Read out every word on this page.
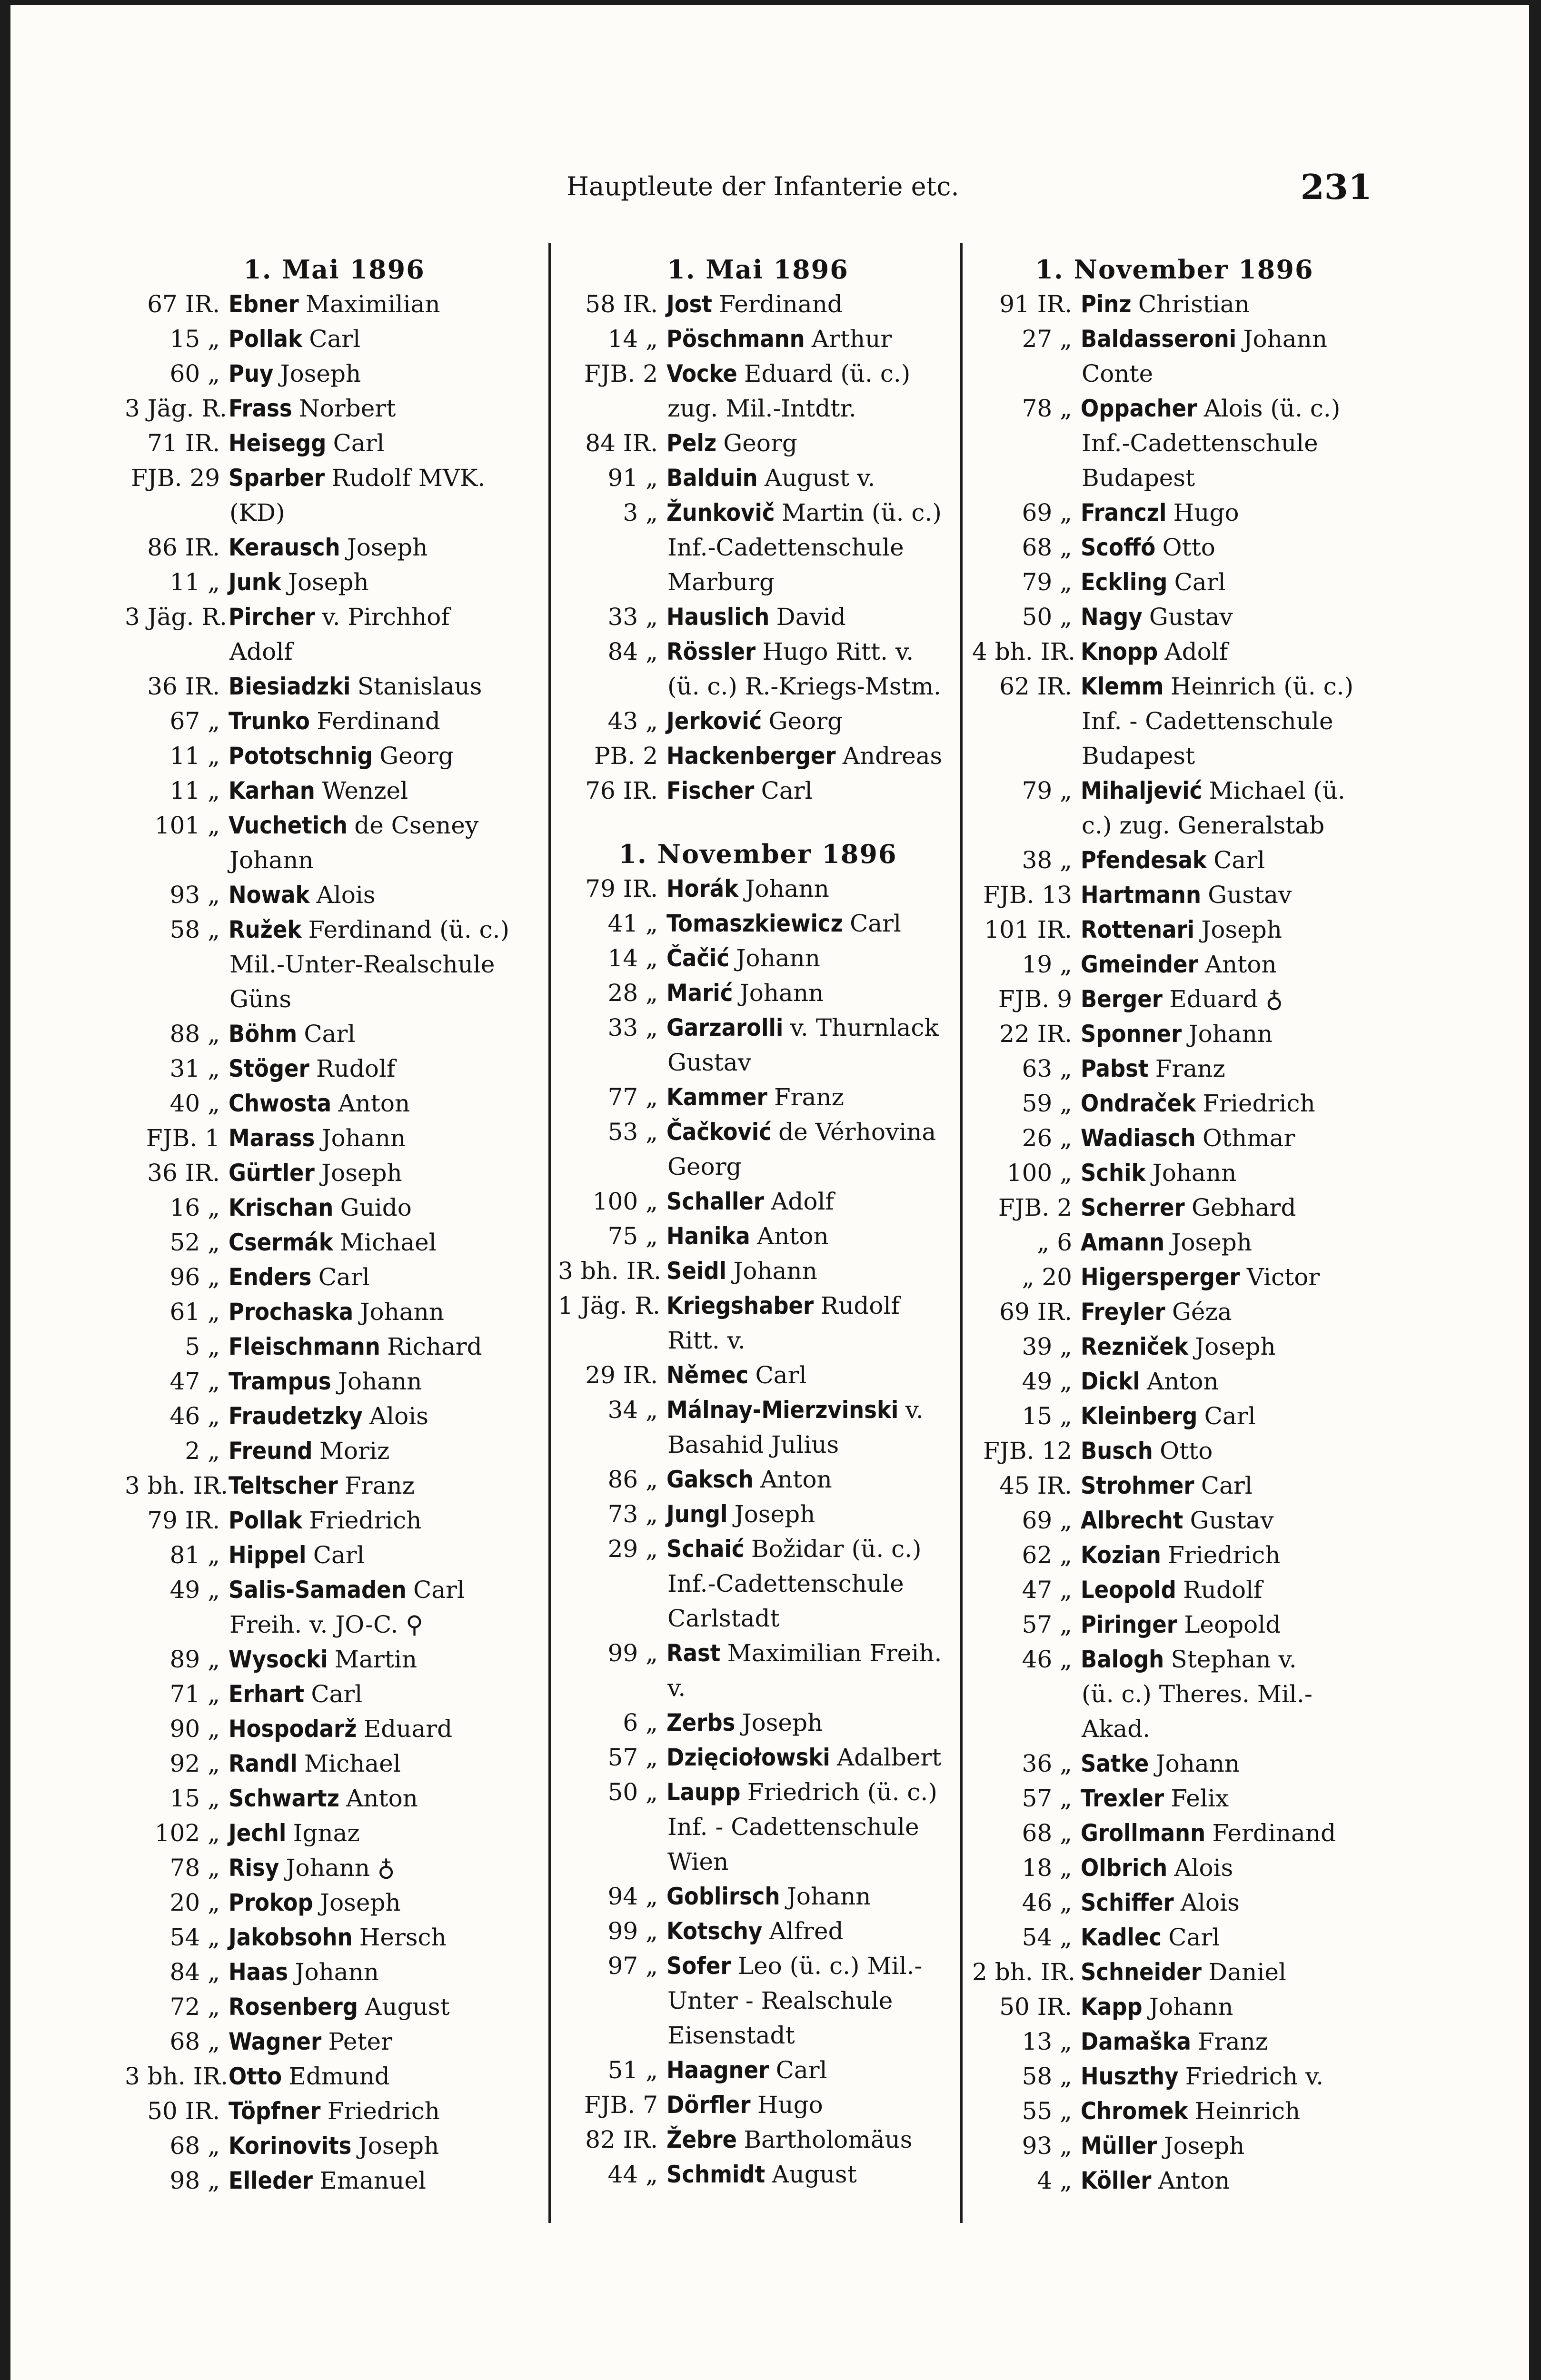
Hauptleute der Infanterie etc.	231
1. Mai 1896
67 IR. Ebner Maximilian
15 „ Pollak Carl
60 „ Puy Joseph
3 Jäg. R. Frass Norbert
71 IR. Heisegg Carl
FJB. 29 Sparber Rudolf MVK.
(KD)
86 IR. Kerausch Joseph
11 „ Junk Joseph
3 Jäg. R. Pircher v. Pirchhof
Adolf
36 IR. Biesiadzki Stanislaus
67 „ Trunko Ferdinand
11 „ Pototschnig Georg
11 „ Karhan Wenzel
101 „ Vuchetich de Cseney
Johann
93 „ Nowak Alois
58 „ Ružek Ferdinand (ü. c.)
Mil.-Unter-Realschule
Güns
88 „ Böhm Carl
31 „ Stöger Rudolf
40 „ Chwosta Anton
FJB. 1 Marass Johann
36 IR. Gürtler Joseph
16 „ Krischan Guido
52 „ Csermák Michael
96 „ Enders Carl
61 „ Prochaska Johann
5 „ Fleischmann Richard
47 „ Trampus Johann
46 „ Fraudetzky Alois
2 „ Freund Moriz
3 bh. IR. Teltscher Franz
79 IR. Pollak Friedrich
81 „ Hippel Carl
49 „ Salis-Samaden Carl
Freih. v. JO-C. ⚲
89 „ Wysocki Martin
71 „ Erhart Carl
90 „ Hospodarž Eduard
92 „ Randl Michael
15 „ Schwartz Anton
102 „ Jechl Ignaz
78 „ Risy Johann ♁
20 „ Prokop Joseph
54 „ Jakobsohn Hersch
84 „ Haas Johann
72 „ Rosenberg August
68 „ Wagner Peter
3 bh. IR. Otto Edmund
50 IR. Töpfner Friedrich
68 „ Korinovits Joseph
98 „ Elleder Emanuel
1. Mai 1896
58 IR. Jost Ferdinand
14 „ Pöschmann Arthur
FJB. 2 Vocke Eduard (ü. c.)
zug. Mil.-Intdtr.
84 IR. Pelz Georg
91 „ Balduin August v.
3 „ Žunkovič Martin (ü. c.)
Inf.-Cadettenschule
Marburg
33 „ Hauslich David
84 „ Rössler Hugo Ritt. v.
(ü. c.) R.-Kriegs-Mstm.
43 „ Jerković Georg
PB. 2 Hackenberger Andreas
76 IR. Fischer Carl
1. November 1896
79 IR. Horák Johann
41 „ Tomaszkiewicz Carl
14 „ Čačić Johann
28 „ Marić Johann
33 „ Garzarolli v. Thurnlack
Gustav
77 „ Kammer Franz
53 „ Čačković de Vérhovina
Georg
100 „ Schaller Adolf
75 „ Hanika Anton
3 bh. IR. Seidl Johann
1 Jäg. R. Kriegshaber Rudolf
Ritt. v.
29 IR. Němec Carl
34 „ Málnay-Mierzvinski v.
Basahid Julius
86 „ Gaksch Anton
73 „ Jungl Joseph
29 „ Schaić Božidar (ü. c.)
Inf.-Cadettenschule
Carlstadt
99 „ Rast Maximilian Freih.
v.
6 „ Zerbs Joseph
57 „ Dzięciołowski Adalbert
50 „ Laupp Friedrich (ü. c.)
Inf. - Cadettenschule
Wien
94 „ Goblirsch Johann
99 „ Kotschy Alfred
97 „ Sofer Leo (ü. c.) Mil.-
Unter - Realschule
Eisenstadt
51 „ Haagner Carl
FJB. 7 Dörfler Hugo
82 IR. Žebre Bartholomäus
44 „ Schmidt August
1. November 1896
91 IR. Pinz Christian
27 „ Baldasseroni Johann
Conte
78 „ Oppacher Alois (ü. c.)
Inf.-Cadettenschule
Budapest
69 „ Franczl Hugo
68 „ Scoffó Otto
79 „ Eckling Carl
50 „ Nagy Gustav
4 bh. IR. Knopp Adolf
62 IR. Klemm Heinrich (ü. c.)
Inf. - Cadettenschule
Budapest
79 „ Mihaljević Michael (ü.
c.) zug. Generalstab
38 „ Pfendesak Carl
FJB. 13 Hartmann Gustav
101 IR. Rottenari Joseph
19 „ Gmeinder Anton
FJB. 9 Berger Eduard ♁
22 IR. Sponner Johann
63 „ Pabst Franz
59 „ Ondraček Friedrich
26 „ Wadiasch Othmar
100 „ Schik Johann
FJB. 2 Scherrer Gebhard
„ 6 Amann Joseph
„ 20 Higersperger Victor
69 IR. Freyler Géza
39 „ Rezniček Joseph
49 „ Dickl Anton
15 „ Kleinberg Carl
FJB. 12 Busch Otto
45 IR. Strohmer Carl
69 „ Albrecht Gustav
62 „ Kozian Friedrich
47 „ Leopold Rudolf
57 „ Piringer Leopold
46 „ Balogh Stephan v.
(ü. c.) Theres. Mil.-
Akad.
36 „ Satke Johann
57 „ Trexler Felix
68 „ Grollmann Ferdinand
18 „ Olbrich Alois
46 „ Schiffer Alois
54 „ Kadlec Carl
2 bh. IR. Schneider Daniel
50 IR. Kapp Johann
13 „ Damaška Franz
58 „ Huszthy Friedrich v.
55 „ Chromek Heinrich
93 „ Müller Joseph
4 „ Köller Anton
